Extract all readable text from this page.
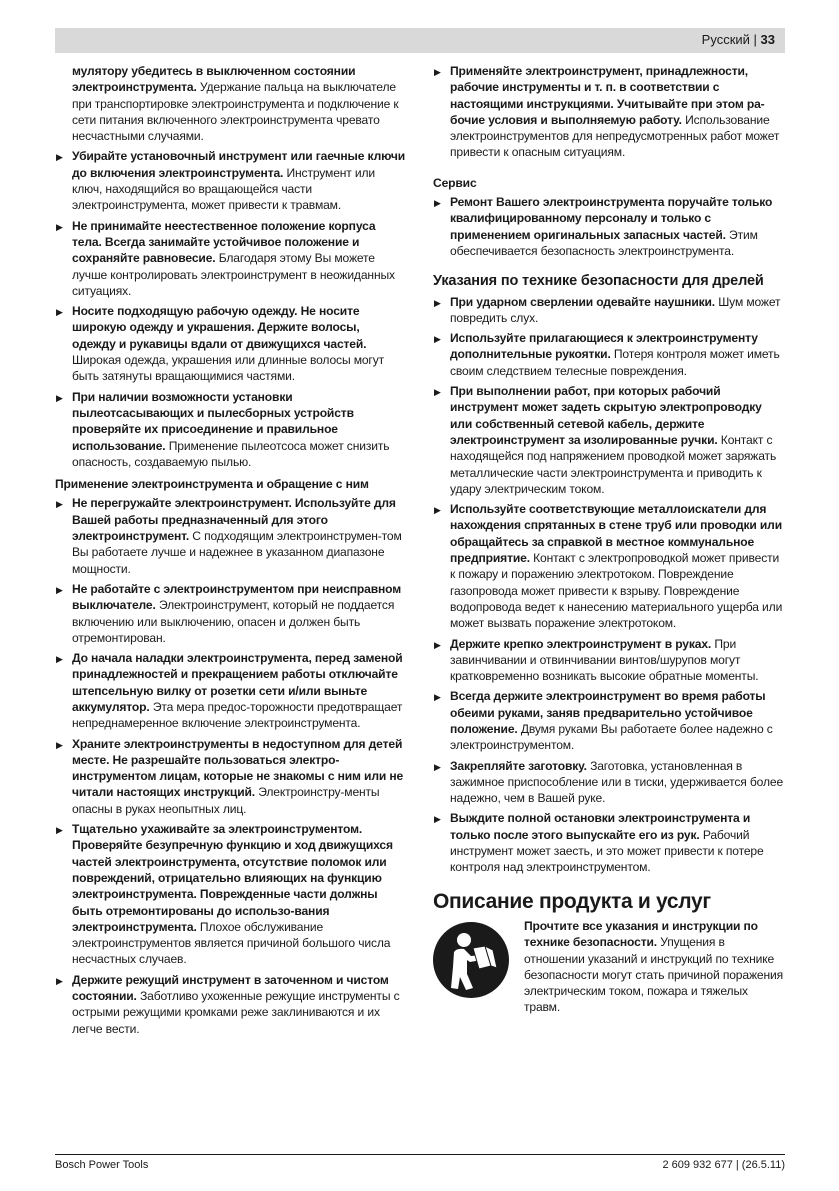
Русский | 33
мулятору убедитесь в выключенном состоянии электроинструмента. Удержание пальца на выключателе при транспортировке электроинструмента и подключение к сети питания включенного электроинструмента чревато несчастными случаями.
▶ Убирайте установочный инструмент или гаечные ключи до включения электроинструмента. Инструмент или ключ, находящийся во вращающейся части электроинструмента, может привести к травмам.
▶ Не принимайте неестественное положение корпуса тела. Всегда занимайте устойчивое положение и сохраняйте равновесие. Благодаря этому Вы можете лучше контролировать электроинструмент в неожиданных ситуациях.
▶ Носите подходящую рабочую одежду. Не носите широкую одежду и украшения. Держите волосы, одежду и рукавицы вдали от движущихся частей. Широкая одежда, украшения или длинные волосы могут быть затянуты вращающимися частями.
▶ При наличии возможности установки пылеотсасывающих и пылесборных устройств проверяйте их присоединение и правильное использование. Применение пылеотсоса может снизить опасность, создаваемую пылью.
Применение электроинструмента и обращение с ним
▶ Не перегружайте электроинструмент. Используйте для Вашей работы предназначенный для этого электроинструмент. С подходящим электроинструмен-том Вы работаете лучше и надежнее в указанном диапазоне мощности.
▶ Не работайте с электроинструментом при неисправном выключателе. Электроинструмент, который не поддается включению или выключению, опасен и должен быть отремонтирован.
▶ До начала наладки электроинструмента, перед заменой принадлежностей и прекращением работы отключайте штепсельную вилку от розетки сети и/или выньте аккумулятор. Эта мера предос-торожности предотвращает непреднамеренное включение электроинструмента.
▶ Храните электроинструменты в недоступном для детей месте. Не разрешайте пользоваться электро-инструментом лицам, которые не знакомы с ним или не читали настоящих инструкций. Электроинстру-менты опасны в руках неопытных лиц.
▶ Тщательно ухаживайте за электроинструментом. Проверяйте безупречную функцию и ход движущихся частей электроинструмента, отсутствие поломок или повреждений, отрицательно влияющих на функцию электроинструмента. Поврежденные части должны быть отремонтированы до использо-вания электроинструмента. Плохое обслуживание электроинструментов является причиной большого числа несчастных случаев.
▶ Держите режущий инструмент в заточенном и чистом состоянии. Заботливо ухоженные режущие инструменты с острыми режущими кромками реже заклиниваются и их легче вести.
▶ Применяйте электроинструмент, принадлежности, рабочие инструменты и т. п. в соответствии с настоящими инструкциями. Учитывайте при этом ра-бочие условия и выполняемую работу. Использование электроинструментов для непредусмотренных работ может привести к опасным ситуациям.
Сервис
▶ Ремонт Вашего электроинструмента поручайте только квалифицированному персоналу и только с применением оригинальных запасных частей. Этим обеспечивается безопасность электроинструмента.
Указания по технике безопасности для дрелей
▶ При ударном сверлении одевайте наушники. Шум может повредить слух.
▶ Используйте прилагающиеся к электроинструменту дополнительные рукоятки. Потеря контроля может иметь своим следствием телесные повреждения.
▶ При выполнении работ, при которых рабочий инструмент может задеть скрытую электропроводку или собственный сетевой кабель, держите электроинструмент за изолированные ручки. Контакт с находящейся под напряжением проводкой может заряжать металлические части электроинструмента и приводить к удару электрическим током.
▶ Используйте соответствующие металлоискатели для нахождения спрятанных в стене труб или проводки или обращайтесь за справкой в местное коммунальное предприятие. Контакт с электропроводкой может привести к пожару и поражению электротоком. Повреждение газопровода может привести к взрыву. Повреждение водопровода ведет к нанесению материального ущерба или может вызвать поражение электротоком.
▶ Держите крепко электроинструмент в руках. При завинчивании и отвинчивании винтов/шурупов могут кратковременно возникать высокие обратные моменты.
▶ Всегда держите электроинструмент во время работы обеими руками, заняв предварительно устойчивое положение. Двумя руками Вы работаете более надежно с электроинструментом.
▶ Закрепляйте заготовку. Заготовка, установленная в зажимное приспособление или в тиски, удерживается более надежно, чем в Вашей руке.
▶ Выждите полной остановки электроинструмента и только после этого выпускайте его из рук. Рабочий инструмент может заесть, и это может привести к потере контроля над электроинструментом.
Описание продукта и услуг
Прочтите все указания и инструкции по технике безопасности. Упущения в отношении указаний и инструкций по технике безопасности могут стать причиной поражения электрическим током, пожара и тяжелых травм.
Bosch Power Tools	2 609 932 677 | (26.5.11)
